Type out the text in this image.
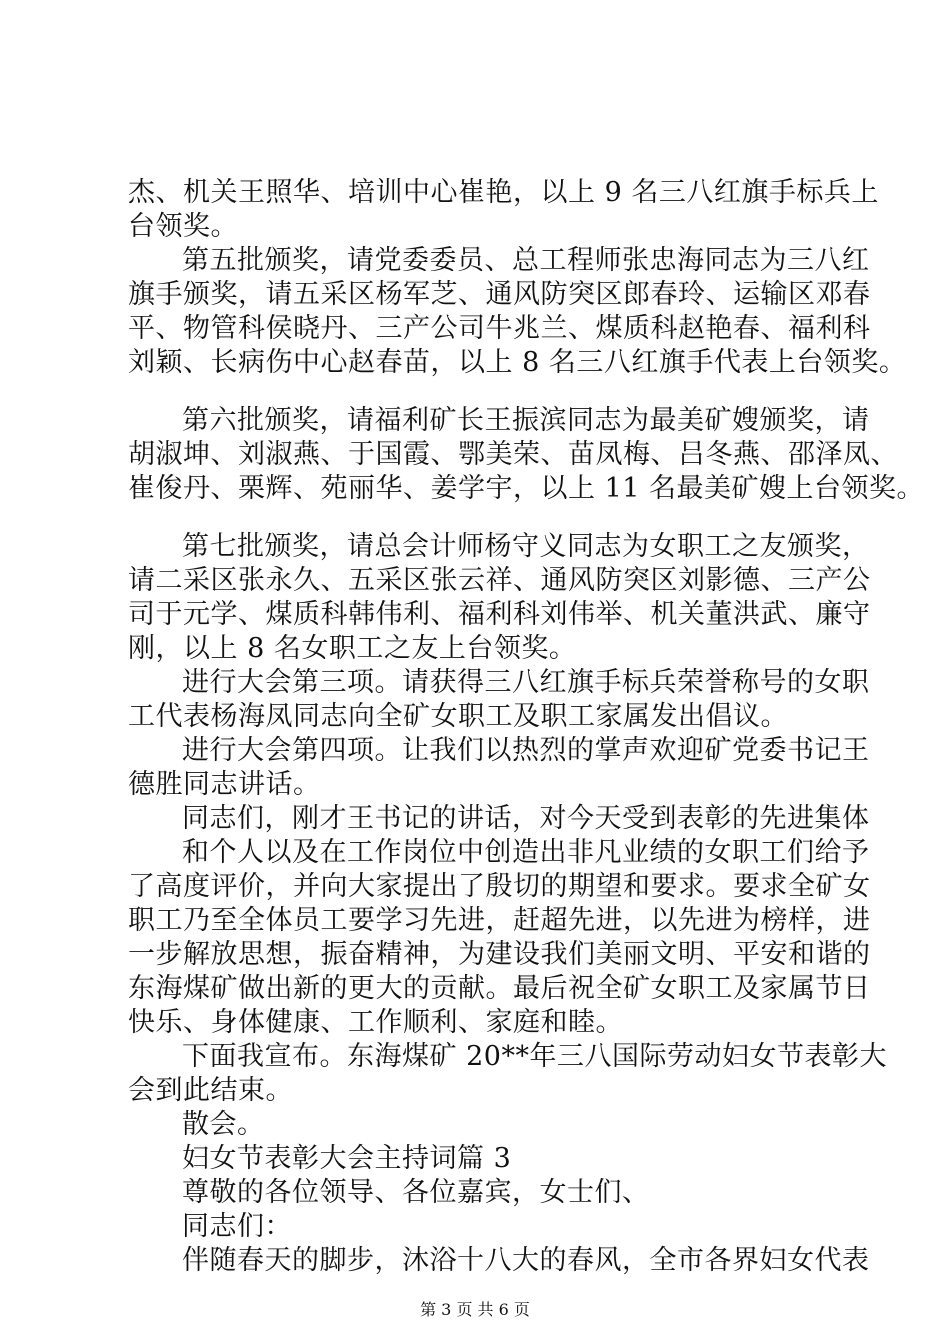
杰、机关王照华、培训中心崔艳，以上 9 名三八红旗手标兵上
台领奖。
第五批颁奖，请党委委员、总工程师张忠海同志为三八红
旗手颁奖，请五采区杨军芝、通风防突区郎春玲、运输区邓春
平、物管科侯晓丹、三产公司牛兆兰、煤质科赵艳春、福利科
刘颖、长病伤中心赵春苗，以上 8 名三八红旗手代表上台领奖。
第六批颁奖，请福利矿长王振滨同志为最美矿嫂颁奖，请
胡淑坤、刘淑燕、于国霞、鄂美荣、苗凤梅、吕冬燕、邵泽凤、
崔俊丹、栗辉、苑丽华、姜学宇，以上 11 名最美矿嫂上台领奖。
第七批颁奖，请总会计师杨守义同志为女职工之友颁奖，
请二采区张永久、五采区张云祥、通风防突区刘影德、三产公
司于元学、煤质科韩伟利、福利科刘伟举、机关董洪武、廉守
刚，以上 8 名女职工之友上台领奖。
进行大会第三项。请获得三八红旗手标兵荣誉称号的女职
工代表杨海凤同志向全矿女职工及职工家属发出倡议。
进行大会第四项。让我们以热烈的掌声欢迎矿党委书记王
德胜同志讲话。
同志们，刚才王书记的讲话，对今天受到表彰的先进集体
和个人以及在工作岗位中创造出非凡业绩的女职工们给予
了高度评价，并向大家提出了殷切的期望和要求。要求全矿女
职工乃至全体员工要学习先进，赶超先进，以先进为榜样，进
一步解放思想，振奋精神，为建设我们美丽文明、平安和谐的
东海煤矿做出新的更大的贡献。最后祝全矿女职工及家属节日
快乐、身体健康、工作顺利、家庭和睦。
下面我宣布。东海煤矿 20**年三八国际劳动妇女节表彰大
会到此结束。
散会。
妇女节表彰大会主持词篇 3
尊敬的各位领导、各位嘉宾，女士们、
同志们：
伴随春天的脚步，沐浴十八大的春风，全市各界妇女代表
第 3 页 共 6 页
